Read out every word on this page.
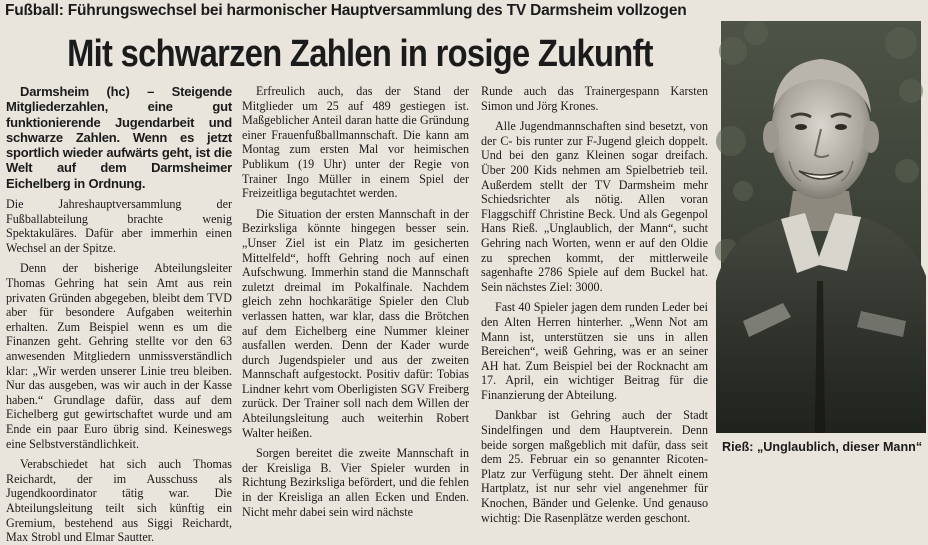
Fußball: Führungswechsel bei harmonischer Hauptversammlung des TV Darmsheim vollzogen
Mit schwarzen Zahlen in rosige Zukunft

Darmsheim (hc) – Steigende Mitgliederzahlen, eine gut funktionierende Jugendarbeit und schwarze Zahlen. Wenn es jetzt sportlich wieder aufwärts geht, ist die Welt auf dem Darmsheimer Eichelberg in Ordnung.

Die Jahreshauptversammlung der Fußballabteilung brachte wenig Spektakuläres. Dafür aber immerhin einen Wechsel an der Spitze.

Denn der bisherige Abteilungsleiter Thomas Gehring hat sein Amt aus rein privaten Gründen abgegeben, bleibt dem TVD aber für besondere Aufgaben weiterhin erhalten. Zum Beispiel wenn es um die Finanzen geht. Gehring stellte vor den 63 anwesenden Mitgliedern unmissverständlich klar: „Wir werden unserer Linie treu bleiben. Nur das ausgeben, was wir auch in der Kasse haben.“ Grundlage dafür, dass auf dem Eichelberg gut gewirtschaftet wurde und am Ende ein paar Euro übrig sind. Keineswegs eine Selbstverständlichkeit.

Verabschiedet hat sich auch Thomas Reichardt, der im Ausschuss als Jugendkoordinator tätig war. Die Abteilungsleitung teilt sich künftig ein Gremium, bestehend aus Siggi Reichardt, Max Strobl und Elmar Sautter.

Erfreulich auch, das der Stand der Mitglieder um 25 auf 489 gestiegen ist. Maßgeblicher Anteil daran hatte die Gründung einer Frauenfußballmannschaft. Die kann am Montag zum ersten Mal vor heimischen Publikum (19 Uhr) unter der Regie von Trainer Ingo Müller in einem Spiel der Freizeitliga begutachtet werden.

Die Situation der ersten Mannschaft in der Bezirksliga könnte hingegen besser sein. „Unser Ziel ist ein Platz im gesicherten Mittelfeld“, hofft Gehring noch auf einen Aufschwung. Immerhin stand die Mannschaft zuletzt dreimal im Pokalfinale. Nachdem gleich zehn hochkarätige Spieler den Club verlassen hatten, war klar, dass die Brötchen auf dem Eichelberg eine Nummer kleiner ausfallen werden. Denn der Kader wurde durch Jugendspieler und aus der zweiten Mannschaft aufgestockt. Positiv dafür: Tobias Lindner kehrt vom Oberligisten SGV Freiberg zurück. Der Trainer soll nach dem Willen der Abteilungsleitung auch weiterhin Robert Walter heißen.

Sorgen bereitet die zweite Mannschaft in der Kreisliga B. Vier Spieler wurden in Richtung Bezirksliga befördert, und die fehlen in der Kreisliga an allen Ecken und Enden. Nicht mehr dabei sein wird nächste

Runde auch das Trainergespann Karsten Simon und Jörg Krones.

Alle Jugendmannschaften sind besetzt, von der C- bis runter zur F-Jugend gleich doppelt. Und bei den ganz Kleinen sogar dreifach. Über 200 Kids nehmen am Spielbetrieb teil. Außerdem stellt der TV Darmsheim mehr Schiedsrichter als nötig. Allen voran Flaggschiff Christine Beck. Und als Gegenpol Hans Rieß. „Unglaublich, der Mann“, sucht Gehring nach Worten, wenn er auf den Oldie zu sprechen kommt, der mittlerweile sagenhafte 2786 Spiele auf dem Buckel hat. Sein nächstes Ziel: 3000.

Fast 40 Spieler jagen dem runden Leder bei den Alten Herren hinterher. „Wenn Not am Mann ist, unterstützen sie uns in allen Bereichen“, weiß Gehring, was er an seiner AH hat. Zum Beispiel bei der Rocknacht am 17. April, ein wichtiger Beitrag für die Finanzierung der Abteilung.

Dankbar ist Gehring auch der Stadt Sindelfingen und dem Hauptverein. Denn beide sorgen maßgeblich mit dafür, dass seit dem 25. Februar ein so genannter Ricoten-Platz zur Verfügung steht. Der ähnelt einem Hartplatz, ist nur sehr viel angenehmer für Knochen, Bänder und Gelenke. Und genauso wichtig: Die Rasenplätze werden geschont.

Rieß: „Unglaublich, dieser Mann“
